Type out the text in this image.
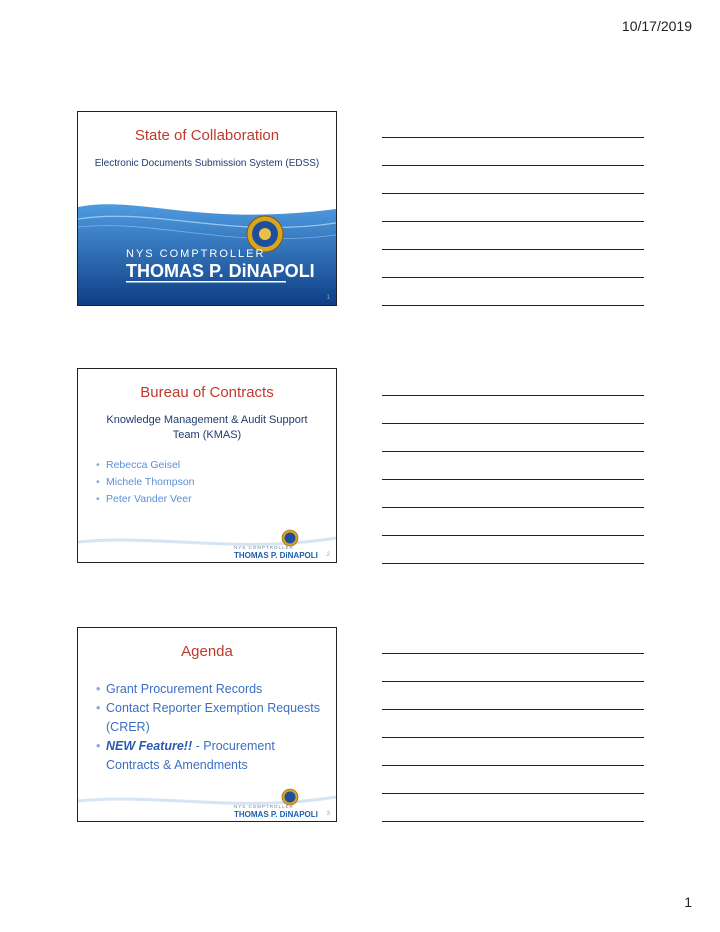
10/17/2019
State of Collaboration
Electronic Documents Submission System (EDSS)
NYS COMPTROLLER
THOMAS P. DiNAPOLI
1
Bureau of Contracts
Knowledge Management & Audit Support Team (KMAS)
• Rebecca Geisel
• Michele Thompson
• Peter Vander Veer
NYS COMPTROLLER
THOMAS P. DiNAPOLI 2
Agenda
• Grant Procurement Records
• Contact Reporter Exemption Requests (CRER)
• NEW Feature!! - Procurement Contracts & Amendments
NYS COMPTROLLER
THOMAS P. DiNAPOLI 3
1
